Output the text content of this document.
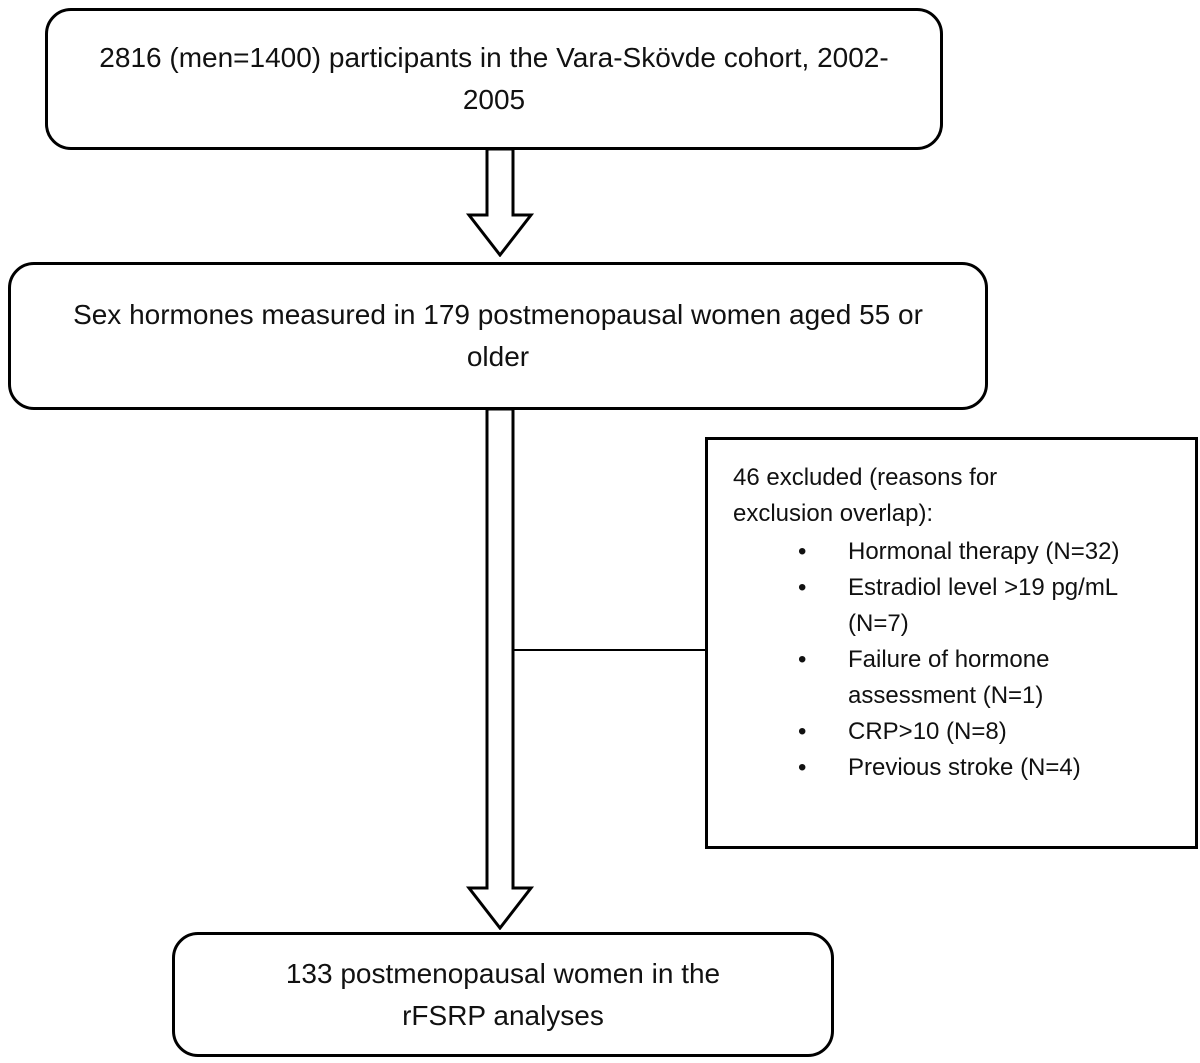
2816 (men=1400) participants in the Vara-Skövde cohort, 2002-2005
Sex hormones measured in 179 postmenopausal women aged 55 or older
46 excluded (reasons for exclusion overlap):
• Hormonal therapy (N=32)
• Estradiol level >19 pg/mL (N=7)
• Failure of hormone assessment (N=1)
• CRP>10 (N=8)
• Previous stroke (N=4)
133 postmenopausal women in the rFSRP analyses
